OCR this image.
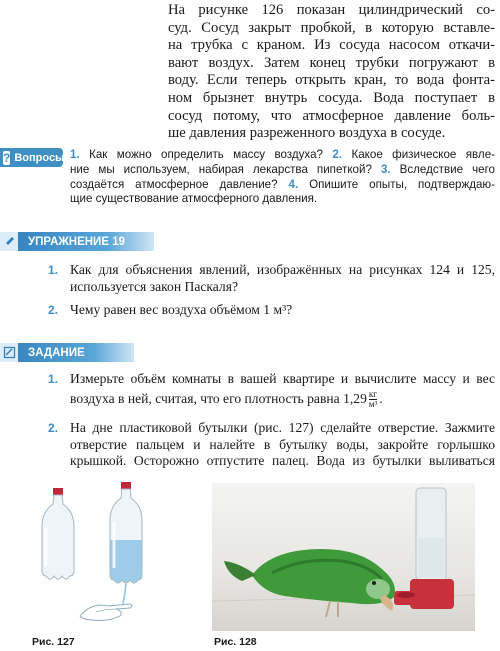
На рисунке 126 показан цилиндрический со-
суд. Сосуд закрыт пробкой, в которую вставле-
на трубка с краном. Из сосуда насосом откачи-
вают воздух. Затем конец трубки погружают в
воду. Если теперь открыть кран, то вода фонта-
ном брызнет внутрь сосуда. Вода поступает в
сосуд потому, что атмосферное давление боль-
ше давления разреженного воздуха в сосуде.
? Вопросы 1. Как можно определить массу воздуха? 2. Какое физическое явле-
ние мы используем, набирая лекарства пипеткой? 3. Вследствие чего
создаётся атмосферное давление? 4. Опишите опыты, подтверждаю-
щие существование атмосферного давления.
УПРАЖНЕНИЕ 19
1. Как для объяснения явлений, изображённых на рисунках 124 и 125,
используется закон Паскаля?
2. Чему равен вес воздуха объёмом 1 м³?
ЗАДАНИЕ
1. Измерьте объём комнаты в вашей квартире и вычислите массу и вес
воздуха в ней, считая, что его плотность равна $1,29 \frac{кг}{\text{м³}}$ .
2. На дне пластиковой бутылки (рис. 127) сделайте отверстие. Зажмите
отверстие пальцем и налейте в бутылку воды, закройте горлышко
крышкой. Осторожно отпустите палец. Вода из бутылки выливаться
Рис. 127	Рис. 128
